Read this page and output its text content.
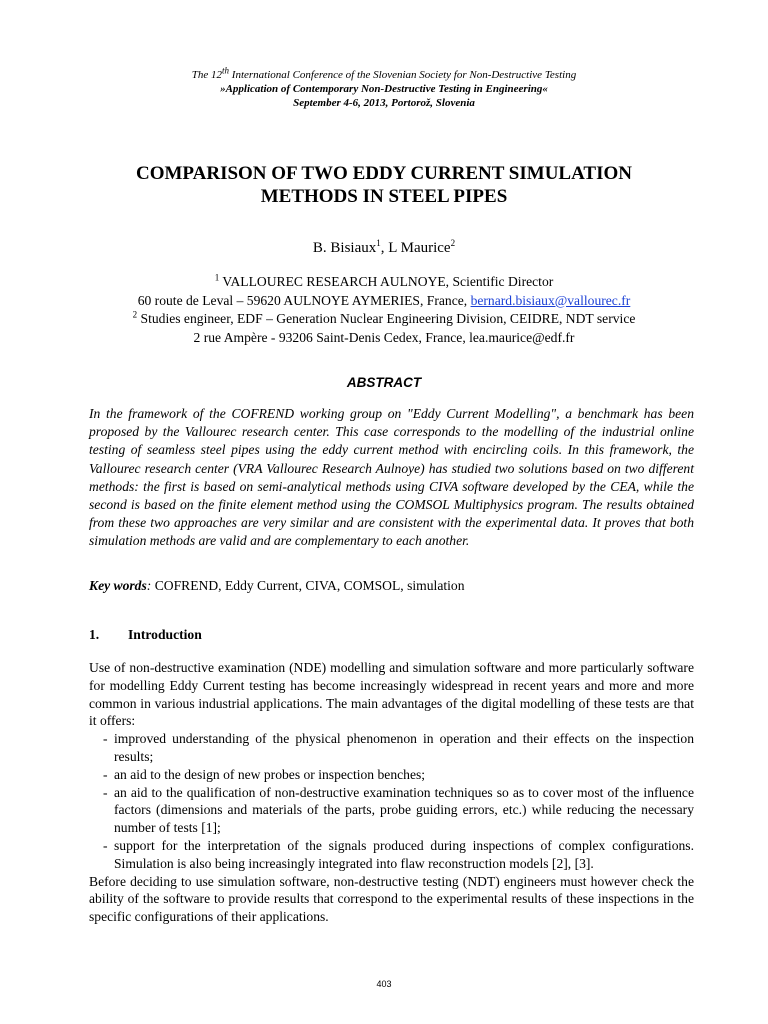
The 12th International Conference of the Slovenian Society for Non-Destructive Testing
»Application of Contemporary Non-Destructive Testing in Engineering«
September 4-6, 2013, Portorož, Slovenia
COMPARISON OF TWO EDDY CURRENT SIMULATION
METHODS IN STEEL PIPES
B. Bisiaux$^1$, L Maurice$^2$
$^1$ VALLOUREC RESEARCH AULNOYE, Scientific Director
60 route de Leval – 59620 AULNOYE AYMERIES, France, bernard.bisiaux@vallourec.fr
$^2$ Studies engineer, EDF – Generation Nuclear Engineering Division, CEIDRE, NDT service
2 rue Ampère - 93206 Saint-Denis Cedex, France, lea.maurice@edf.fr
ABSTRACT
In the framework of the COFREND working group on "Eddy Current Modelling", a benchmark has been proposed by the Vallourec research center. This case corresponds to the modelling of the industrial online testing of seamless steel pipes using the eddy current method with encircling coils. In this framework, the Vallourec research center (VRA Vallourec Research Aulnoye) has studied two solutions based on two different methods: the first is based on semi-analytical methods using CIVA software developed by the CEA, while the second is based on the finite element method using the COMSOL Multiphysics program. The results obtained from these two approaches are very similar and are consistent with the experimental data. It proves that both simulation methods are valid and are complementary to each another.
Key words: COFREND, Eddy Current, CIVA, COMSOL, simulation
1. Introduction

Use of non-destructive examination (NDE) modelling and simulation software and more particularly software for modelling Eddy Current testing has become increasingly widespread in recent years and more and more common in various industrial applications. The main advantages of the digital modelling of these tests are that it offers:

- improved understanding of the physical phenomenon in operation and their effects on the inspection results;
- an aid to the design of new probes or inspection benches;
- an aid to the qualification of non-destructive examination techniques so as to cover most of the influence factors (dimensions and materials of the parts, probe guiding errors, etc.) while reducing the necessary number of tests [1];
- support for the interpretation of the signals produced during inspections of complex configurations. Simulation is also being increasingly integrated into flaw reconstruction models [2], [3].

Before deciding to use simulation software, non-destructive testing (NDT) engineers must however check the ability of the software to provide results that correspond to the experimental results of these inspections in the specific configurations of their applications.

403
